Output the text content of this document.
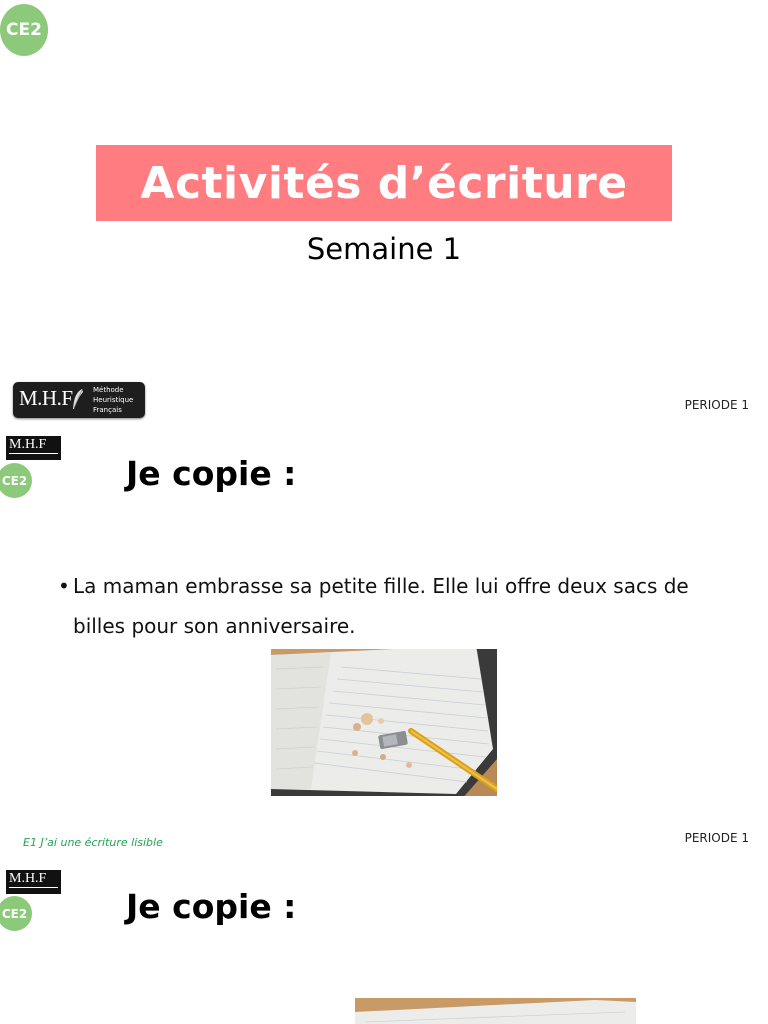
CE2
Activités d’écriture
Semaine 1
M.H.F	Méthode
Heuristique
Français	PERIODE 1
M.H.F
CE2	Je copie :
• La maman embrasse sa petite fille. Elle lui offre deux sacs de billes pour son anniversaire.
E1 J’ai une écriture lisible	PERIODE 1
M.H.F
CE2	Je copie :
